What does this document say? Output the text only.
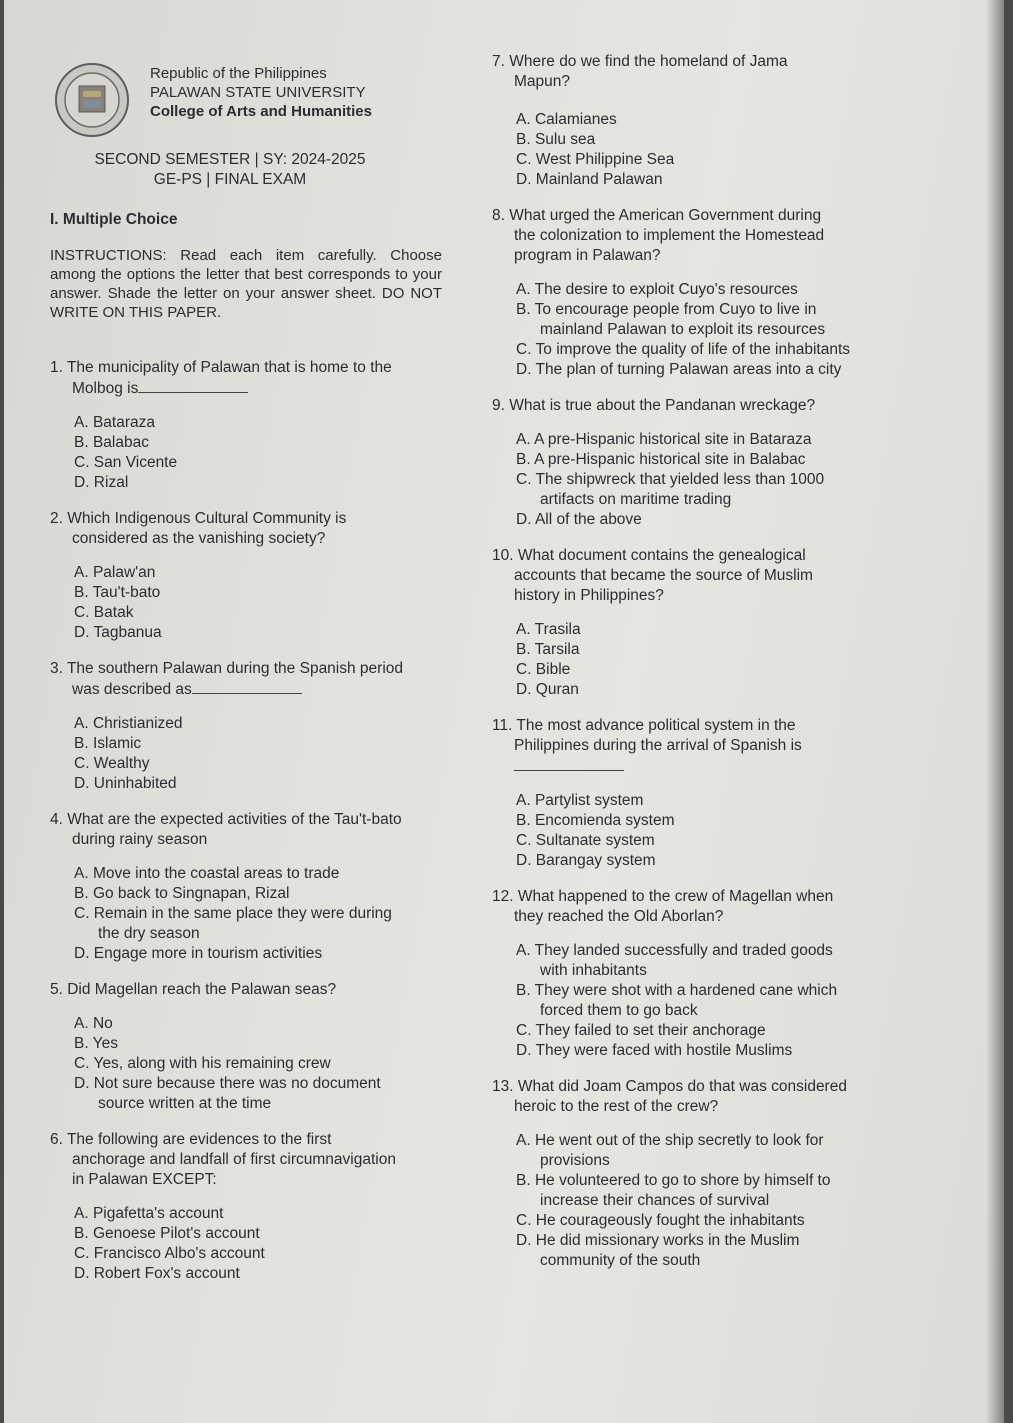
Republic of the Philippines
PALAWAN STATE UNIVERSITY
College of Arts and Humanities
SECOND SEMESTER | SY: 2024-2025
GE-PS | FINAL EXAM
I. Multiple Choice
INSTRUCTIONS: Read each item carefully. Choose among the options the letter that best corresponds to your answer. Shade the letter on your answer sheet. DO NOT WRITE ON THIS PAPER.
1. The municipality of Palawan that is home to the
Molbog is
A. Bataraza
B. Balabac
C. San Vicente
D. Rizal
2. Which Indigenous Cultural Community is
considered as the vanishing society?
A. Palaw'an
B. Tau't-bato
C. Batak
D. Tagbanua
3. The southern Palawan during the Spanish period
was described as
A. Christianized
B. Islamic
C. Wealthy
D. Uninhabited
4. What are the expected activities of the Tau't-bato
during rainy season
A. Move into the coastal areas to trade
B. Go back to Singnapan, Rizal
C. Remain in the same place they were during
the dry season
D. Engage more in tourism activities
5. Did Magellan reach the Palawan seas?
A. No
B. Yes
C. Yes, along with his remaining crew
D. Not sure because there was no document
source written at the time
6. The following are evidences to the first
anchorage and landfall of first circumnavigation
in Palawan EXCEPT:
A. Pigafetta's account
B. Genoese Pilot's account
C. Francisco Albo's account
D. Robert Fox's account
7. Where do we find the homeland of Jama
Mapun?
A. Calamianes
B. Sulu sea
C. West Philippine Sea
D. Mainland Palawan
8. What urged the American Government during
the colonization to implement the Homestead
program in Palawan?
A. The desire to exploit Cuyo's resources
B. To encourage people from Cuyo to live in
mainland Palawan to exploit its resources
C. To improve the quality of life of the inhabitants
D. The plan of turning Palawan areas into a city
9. What is true about the Pandanan wreckage?
A. A pre-Hispanic historical site in Bataraza
B. A pre-Hispanic historical site in Balabac
C. The shipwreck that yielded less than 1000
artifacts on maritime trading
D. All of the above
10. What document contains the genealogical
accounts that became the source of Muslim
history in Philippines?
A. Trasila
B. Tarsila
C. Bible
D. Quran
11. The most advance political system in the
Philippines during the arrival of Spanish is
A. Partylist system
B. Encomienda system
C. Sultanate system
D. Barangay system
12. What happened to the crew of Magellan when
they reached the Old Aborlan?
A. They landed successfully and traded goods
with inhabitants
B. They were shot with a hardened cane which
forced them to go back
C. They failed to set their anchorage
D. They were faced with hostile Muslims
13. What did Joam Campos do that was considered
heroic to the rest of the crew?
A. He went out of the ship secretly to look for
provisions
B. He volunteered to go to shore by himself to
increase their chances of survival
C. He courageously fought the inhabitants
D. He did missionary works in the Muslim
community of the south
